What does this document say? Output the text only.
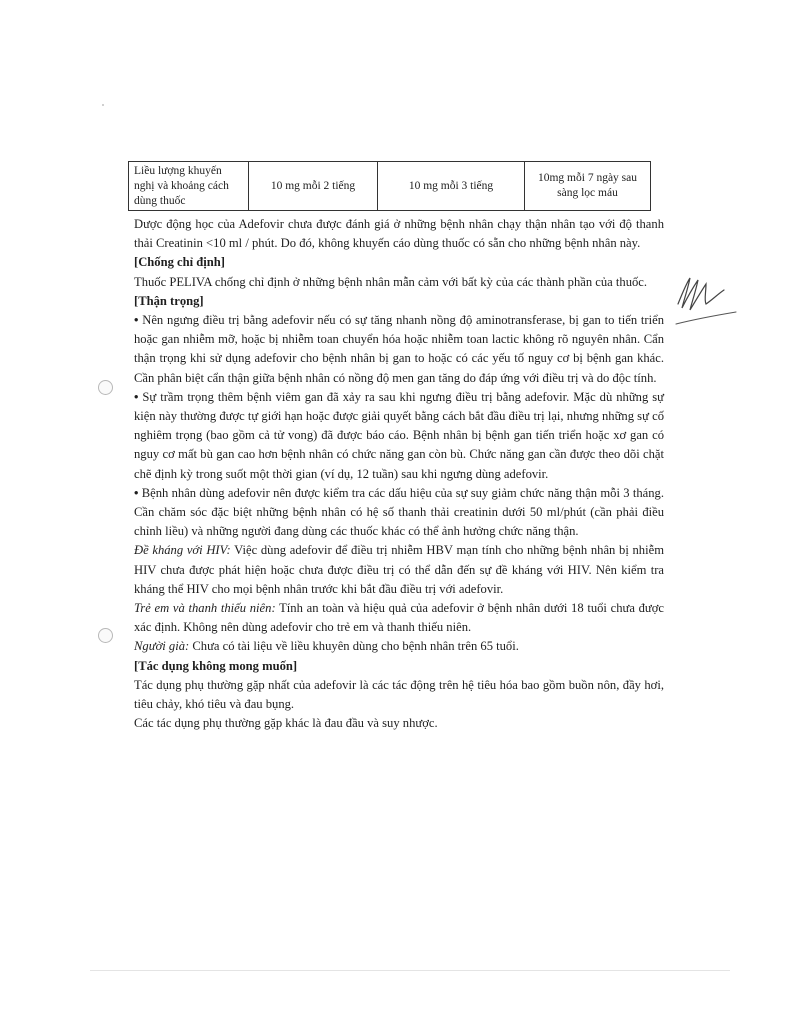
Liều lượng khuyến nghị và khoảng cách dùng thuốc	10 mg mỗi 2 tiếng	10 mg mỗi 3 tiếng	10mg mỗi 7 ngày sau sàng lọc máu

Dược động học của Adefovir chưa được đánh giá ở những bệnh nhân chạy thận nhân tạo với độ thanh thải Creatinin <10 ml / phút. Do đó, không khuyến cáo dùng thuốc có sẵn cho những bệnh nhân này.

[Chống chỉ định]

Thuốc PELIVA chống chỉ định ở những bệnh nhân mẫn cảm với bất kỳ của các thành phần của thuốc.

[Thận trọng]

• Nên ngưng điều trị bằng adefovir nếu có sự tăng nhanh nồng độ aminotransferase, bị gan to tiến triển hoặc gan nhiễm mỡ, hoặc bị nhiễm toan chuyển hóa hoặc nhiễm toan lactic không rõ nguyên nhân. Cẩn thận trọng khi sử dụng adefovir cho bệnh nhân bị gan to hoặc có các yếu tố nguy cơ bị bệnh gan khác. Cần phân biệt cẩn thận giữa bệnh nhân có nồng độ men gan tăng do đáp ứng với điều trị và do độc tính.

• Sự trầm trọng thêm bệnh viêm gan đã xảy ra sau khi ngưng điều trị bằng adefovir. Mặc dù những sự kiện này thường được tự giới hạn hoặc được giải quyết bằng cách bắt đầu điều trị lại, nhưng những sự cố nghiêm trọng (bao gồm cả tử vong) đã được báo cáo. Bệnh nhân bị bệnh gan tiến triển hoặc xơ gan có nguy cơ mất bù gan cao hơn bệnh nhân có chức năng gan còn bù. Chức năng gan cần được theo dõi chặt chẽ định kỳ trong suốt một thời gian (ví dụ, 12 tuần) sau khi ngưng dùng adefovir.

• Bệnh nhân dùng adefovir nên được kiểm tra các dấu hiệu của sự suy giảm chức năng thận mỗi 3 tháng. Cần chăm sóc đặc biệt những bệnh nhân có hệ số thanh thải creatinin dưới 50 ml/phút (cần phải điều chỉnh liều) và những người đang dùng các thuốc khác có thể ảnh hưởng chức năng thận.

Đề kháng với HIV: Việc dùng adefovir để điều trị nhiễm HBV mạn tính cho những bệnh nhân bị nhiễm HIV chưa được phát hiện hoặc chưa được điều trị có thể dẫn đến sự đề kháng với HIV. Nên kiểm tra kháng thể HIV cho mọi bệnh nhân trước khi bắt đầu điều trị với adefovir.

Trẻ em và thanh thiếu niên: Tính an toàn và hiệu quả của adefovir ở bệnh nhân dưới 18 tuổi chưa được xác định. Không nên dùng adefovir cho trẻ em và thanh thiếu niên.

Người già: Chưa có tài liệu về liều khuyên dùng cho bệnh nhân trên 65 tuổi.

[Tác dụng không mong muốn]

Tác dụng phụ thường gặp nhất của adefovir là các tác động trên hệ tiêu hóa bao gồm buồn nôn, đầy hơi, tiêu chảy, khó tiêu và đau bụng.

Các tác dụng phụ thường gặp khác là đau đầu và suy nhược.
